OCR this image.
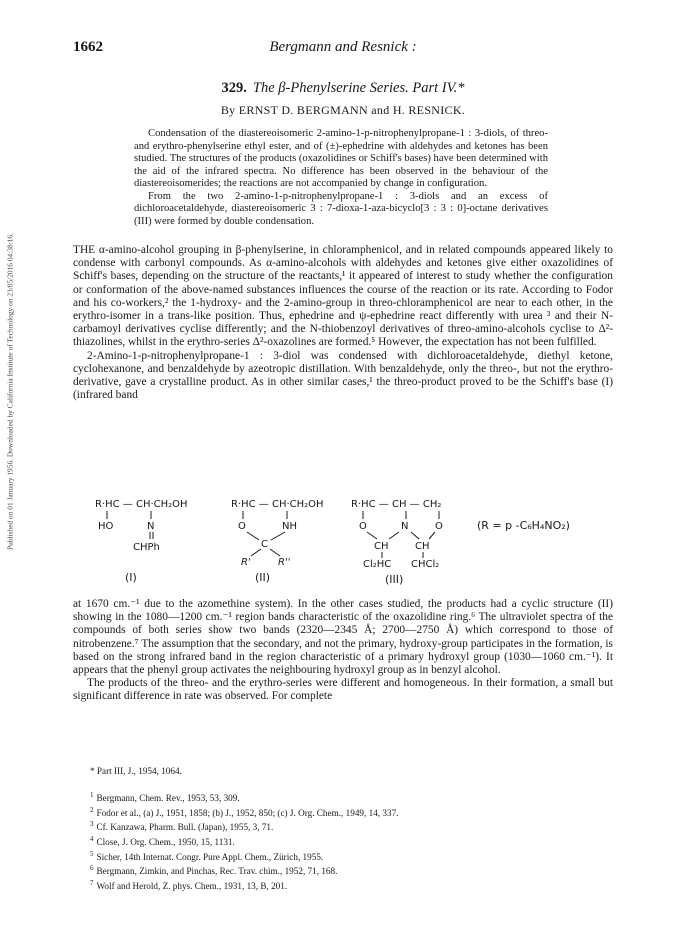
Published on 01 January 1956. Downloaded by California Institute of Technology on 23/05/2016 04:38:16.
1662	Bergmann and Resnick :
329. The β-Phenylserine Series. Part IV.*
By ERNST D. BERGMANN and H. RESNICK.

Condensation of the diastereoisomeric 2-amino-1-p-nitrophenylpropane-1 : 3-diols, of threo- and erythro-phenylserine ethyl ester, and of (±)-ephedrine with aldehydes and ketones has been studied. The structures of the products (oxazolidines or Schiff's bases) have been determined with the aid of the infrared spectra. No difference has been observed in the behaviour of the diastereoisomerides; the reactions are not accompanied by change in configuration.

From the two 2-amino-1-p-nitrophenylpropane-1 : 3-diols and an excess of dichloroacetaldehyde, diastereoisomeric 3 : 7-dioxa-1-aza-bicyclo[3 : 3 : 0]-octane derivatives (III) were formed by double condensation.

THE α-amino-alcohol grouping in β-phenylserine, in chloramphenicol, and in related compounds appeared likely to condense with carbonyl compounds. As α-amino-alcohols with aldehydes and ketones give either oxazolidines of Schiff's bases, depending on the structure of the reactants,¹ it appeared of interest to study whether the configuration or conformation of the above-named substances influences the course of the reaction or its rate. According to Fodor and his co-workers,² the 1-hydroxy- and the 2-amino-group in threo-chloramphenicol are near to each other, in the erythro-isomer in a trans-like position. Thus, ephedrine and ψ-ephedrine react differently with urea ³ and their N-carbamoyl derivatives cyclise differently; and the N-thiobenzoyl derivatives of threo-amino-alcohols cyclise to Δ²-thiazolines, whilst in the erythro-series Δ²-oxazolines are formed.⁵ However, the expectation has not been fulfilled.

2-Amino-1-p-nitrophenylpropane-1 : 3-diol was condensed with dichloroacetaldehyde, diethyl ketone, cyclohexanone, and benzaldehyde by azeotropic distillation. With benzaldehyde, only the threo-, but not the erythro-derivative, gave a crystalline product. As in other similar cases,¹ the threo-product proved to be the Schiff's base (I) (infrared band

R·HC — CH·CH₂OH
HO	N
CHPh
(I)
R·HC — CH·CH₂OH
O	NH
C
R'	R''
(II)
R·HC — CH — CH₂
O	N	O
CH	CH
Cl₂HC CHCl₂
(III)
(R = p -C₆H₄NO₂)

at 1670 cm.⁻¹ due to the azomethine system). In the other cases studied, the products had a cyclic structure (II) showing in the 1080—1200 cm.⁻¹ region bands characteristic of the oxazolidine ring.⁶ The ultraviolet spectra of the compounds of both series show two bands (2320—2345 Å; 2700—2750 Å) which correspond to those of nitrobenzene.⁷ The assumption that the secondary, and not the primary, hydroxy-group participates in the formation, is based on the strong infrared band in the region characteristic of a primary hydroxyl group (1030—1060 cm.⁻¹). It appears that the phenyl group activates the neighbouring hydroxyl group as in benzyl alcohol.

The products of the threo- and the erythro-series were different and homogeneous. In their formation, a small but significant difference in rate was observed. For complete

* Part III, J., 1954, 1064.
$^1$ Bergmann, Chem. Rev., 1953, 53, 309.
$^2$ Fodor et al., (a) J., 1951, 1858; (b) J., 1952, 850; (c) J. Org. Chem., 1949, 14, 337.
$^3$ Cf. Kanzawa, Pharm. Bull. (Japan), 1955, 3, 71.
$^4$ Close, J. Org. Chem., 1950, 15, 1131.
$^5$ Sicher, 14th Internat. Congr. Pure Appl. Chem., Zürich, 1955.
$^6$ Bergmann, Zimkin, and Pinchas, Rec. Trav. chim., 1952, 71, 168.
$^7$ Wolf and Herold, Z. phys. Chem., 1931, 13, B, 201.
